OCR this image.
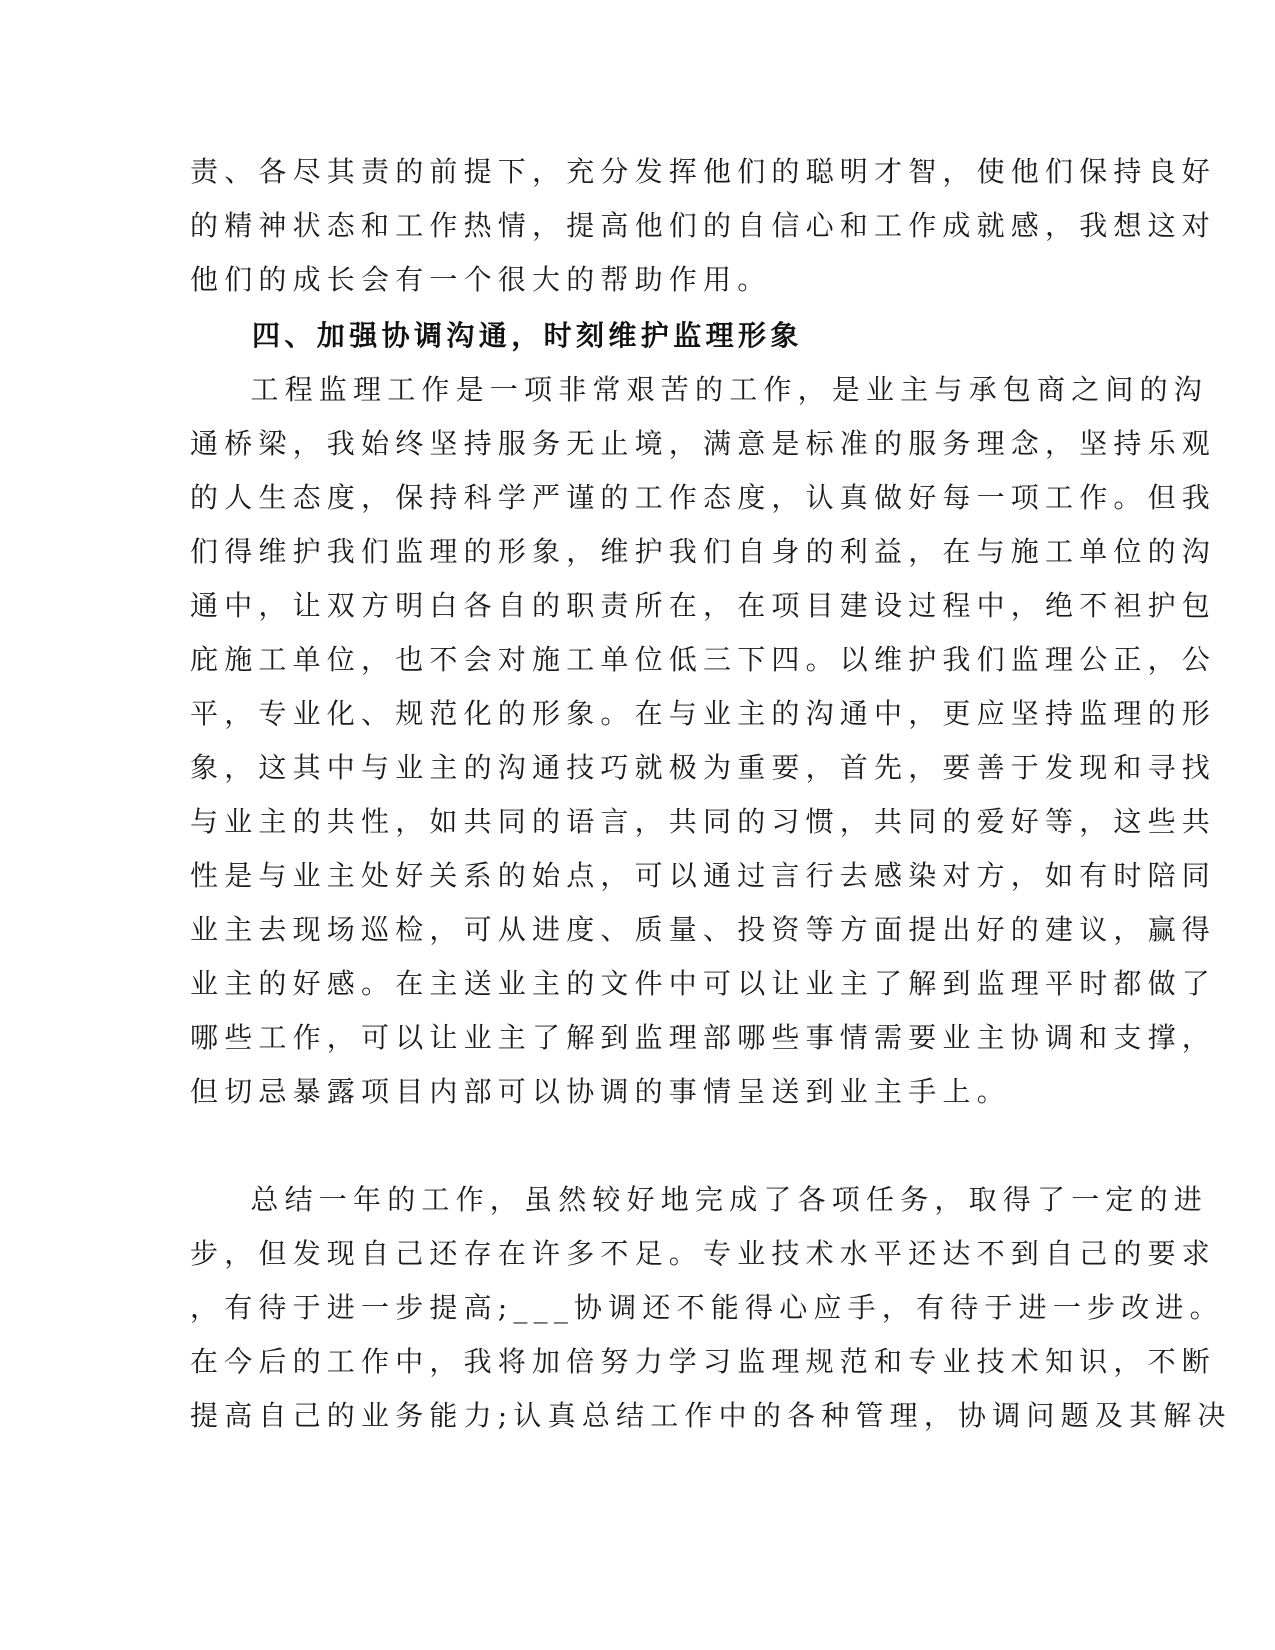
责、各尽其责的前提下，充分发挥他们的聪明才智，使他们保持良好
的精神状态和工作热情，提高他们的自信心和工作成就感，我想这对
他们的成长会有一个很大的帮助作用。
四、加强协调沟通，时刻维护监理形象
工程监理工作是一项非常艰苦的工作，是业主与承包商之间的沟
通桥梁，我始终坚持服务无止境，满意是标准的服务理念，坚持乐观
的人生态度，保持科学严谨的工作态度，认真做好每一项工作。但我
们得维护我们监理的形象，维护我们自身的利益，在与施工单位的沟
通中，让双方明白各自的职责所在，在项目建设过程中，绝不袒护包
庇施工单位，也不会对施工单位低三下四。以维护我们监理公正，公
平，专业化、规范化的形象。在与业主的沟通中，更应坚持监理的形
象，这其中与业主的沟通技巧就极为重要，首先，要善于发现和寻找
与业主的共性，如共同的语言，共同的习惯，共同的爱好等，这些共
性是与业主处好关系的始点，可以通过言行去感染对方，如有时陪同
业主去现场巡检，可从进度、质量、投资等方面提出好的建议，赢得
业主的好感。在主送业主的文件中可以让业主了解到监理平时都做了
哪些工作，可以让业主了解到监理部哪些事情需要业主协调和支撑，
但切忌暴露项目内部可以协调的事情呈送到业主手上。
总结一年的工作，虽然较好地完成了各项任务，取得了一定的进
步，但发现自己还存在许多不足。专业技术水平还达不到自己的要求
，有待于进一步提高;___协调还不能得心应手，有待于进一步改进。
在今后的工作中，我将加倍努力学习监理规范和专业技术知识，不断
提高自己的业务能力;认真总结工作中的各种管理，协调问题及其解决
